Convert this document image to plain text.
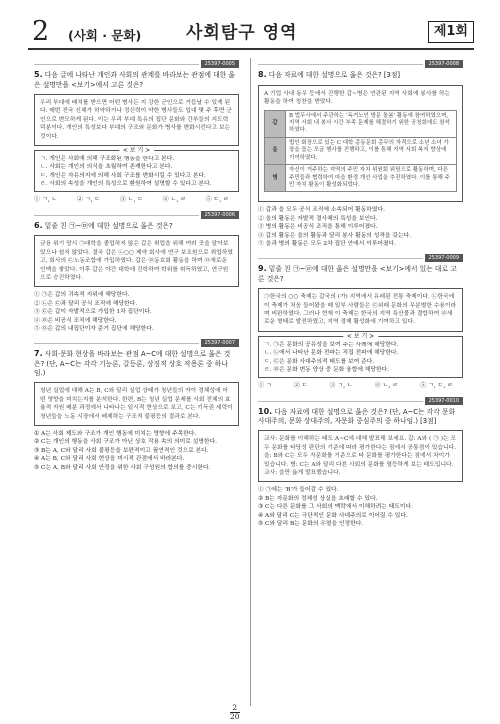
2 (사회 · 문화)	사회탐구 영역	제1회
25397-0005
5. 다음 글에 나타난 개인과 사회의 관계를 바라보는 관점에 대한 옳은 설명만을 <보기>에서 고른 것은?
우리 부대에 배치를 받으면 어떤 병사든 지 강한 군인으로 거듭날 수 있게 된다. 매번 전국 신체가 허약하거나 정신력이 약한 병사들도 입대 몇 주 후면 군인으로 변모하게 된다. 이는 우리 부대 특유의 집단 문화와 간부들의 지도력 덕분이다. 개인의 특성보다 부대의 구조와 문화가 병사를 변화시킨다고 보는 것이다.
< 보 기 >
ㄱ. 개인은 사회에 의해 구조화된 행동을 한다고 본다.
ㄴ. 사회는 개인의 의식을 초월하여 존재한다고 본다.
ㄷ. 개인은 자유의지에 의해 사회 구조를 변화시킬 수 있다고 본다.
ㄹ. 사회의 속성을 개인의 특성으로 환원하여 설명할 수 있다고 본다.
① ㄱ, ㄴ	② ㄱ, ㄷ	③ ㄴ, ㄷ	④ ㄴ, ㄹ	⑤ ㄷ, ㄹ
25397-0006
6. 밑줄 친 ㉠~㉤에 대한 설명으로 옳은 것은?
금융 위기 당시 ㉠대학을 졸업하지 않은 갑은 취업을 위해 여러 곳을 알아보았으나 쉽지 않았다. 결국 갑은 ㉡○○ 제약 회사에 연구 보조원으로 취업하였고, 회사의 ㉢노동조합에 가입하였다. 갑은 ㉣동호회 활동을 하며 ㉤새로운 인맥을 쌓았다. 이후 갑은 야간 대학에 진학하여 학위를 취득하였고, 연구원으로 승진하였다.
① ㉠은 갑의 귀속적 지위에 해당한다.
② ㉡은 ㉢과 달리 공식 조직에 해당한다.
③ ㉢은 갑이 자발적으로 가입한 1차 집단이다.
④ ㉣은 비공식 조직에 해당한다.
⑤ ㉤은 갑의 내집단이자 준거 집단에 해당한다.
25397-0007
7. 사회·문화 현상을 바라보는 관점 A~C에 대한 설명으로 옳은 것은? (단, A~C는 각각 기능론, 갈등론, 상징적 상호 작용론 중 하나임.)
청년 실업에 대해 A는 B, C와 달리 실업 상태가 청년들의 자아 정체성에 어떤 영향을 미치는지를 분석한다. 한편, B는 청년 실업 문제를 사회 전체의 효율적 자원 배분 과정에서 나타나는 일시적 현상으로 보고, C는 기득권 세력이 청년들을 노동 시장에서 배제하는 구조적 불평등의 결과로 본다.
① A는 사회 제도와 구조가 개인 행동에 미치는 영향에 주목한다.
② C는 개인의 행동을 사회 구조가 아닌 상호 작용 속의 의미로 설명한다.
③ B는 A, C와 달리 사회 불평등을 보편적이고 필연적인 것으로 본다.
④ A는 B, C와 달리 사회 현상을 미시적 관점에서 바라본다.
⑤ C는 A, B와 달리 사회 안정을 위한 사회 구성원의 합의를 중시한다.
25397-0008
8. 다음 자료에 대한 설명으로 옳은 것은? [3점]
A 기업 사내 동우 등에서 진행한 갑~병은 연관된 지역 사회에 봉사를 하는 활동을 하여 칭찬을 받았다.
갑	B 법무사에서 주관하는 '독거노인 방문 돌봄' 활동에 참여하였으며, 지역 사회 내 봉사 시간 부족 문제를 해결하기 위한 공청회에도 참석하였다.
을	법인 회장으로 있는 C 대학 총동문회 총무의 자격으로 소년 소녀 가장을 돕는 모금 행사를 진행하고, 이를 통해 지역 사회 복지 향상에 기여하였다.
병	자신이 거주하는 지역의 주민 자치 위원회 위원으로 활동하며, 다른 주민들과 협력하여 마을 환경 개선 사업을 추진하였다. 이를 통해 주민 자치 활동이 활성화되었다.
① 갑과 을 모두 공식 조직에 소속되어 활동하였다.
② 을의 활동은 자발적 결사체의 특성을 보인다.
③ 병의 활동은 비공식 조직을 통해 이루어졌다.
④ 갑의 활동은 을의 활동과 달리 봉사 활동의 성격을 갖는다.
⑤ 을과 병의 활동은 모두 2차 집단 안에서 이루어졌다.
25397-0009
9. 밑줄 친 ㉠~㉣에 대한 옳은 설명만을 <보기>에서 있는 대로 고른 것은?
㉠한국의 ○○ 축제는 갑국의 (가) 지역에서 유래된 전통 축제이다. ㉡한국에 이 축제가 처음 들어왔을 때 일부 사람들은 ㉢외래 문화의 무분별한 수용이라며 비판하였다. 그러나 현재 이 축제는 한국의 지역 특산물과 결합하여 ㉣새로운 형태로 발전하였고, 지역 경제 활성화에 기여하고 있다.
< 보 기 >
ㄱ. ㉠은 문화의 공유성을 보여 주는 사례에 해당한다.
ㄴ. ㉡에서 나타난 문화 전파는 직접 전파에 해당한다.
ㄷ. ㉢은 문화 사대주의적 태도를 보여 준다.
ㄹ. ㉣은 문화 변동 양상 중 문화 융합에 해당한다.
① ㄱ	② ㄷ	③ ㄱ, ㄴ	④ ㄴ, ㄹ	⑤ ㄱ, ㄷ, ㄹ
25397-0010
10. 다음 자료에 대한 설명으로 옳은 것은? (단, A~C는 각각 문화 사대주의, 문화 상대주의, 자문화 중심주의 중 하나임.) [3점]
교사: 문화를 이해하는 태도 A~C에 대해 발표해 보세요. 갑: A와 ( ㉠ )는 모두 문화를 타당성 판단의 기준에 따라 평가한다는 점에서 공통점이 있습니다. 을: B와 C는 모두 자문화를 기준으로 타 문화를 평가한다는 점에서 차이가 있습니다. 병: C는 A와 달리 다른 사회의 문화를 열등하게 보는 태도입니다. 교사: 을만 옳게 발표했습니다.
① ㉠에는 'B'가 들어갈 수 있다.
② B는 자문화의 정체성 상실을 초래할 수 있다.
③ C는 다른 문화를 그 사회의 맥락에서 이해하려는 태도이다.
④ A와 달리 C는 극단적인 문화 사대주의로 이어질 수 있다.
⑤ C와 달리 B는 문화의 우열을 인정한다.
$\frac{2}{20}$
